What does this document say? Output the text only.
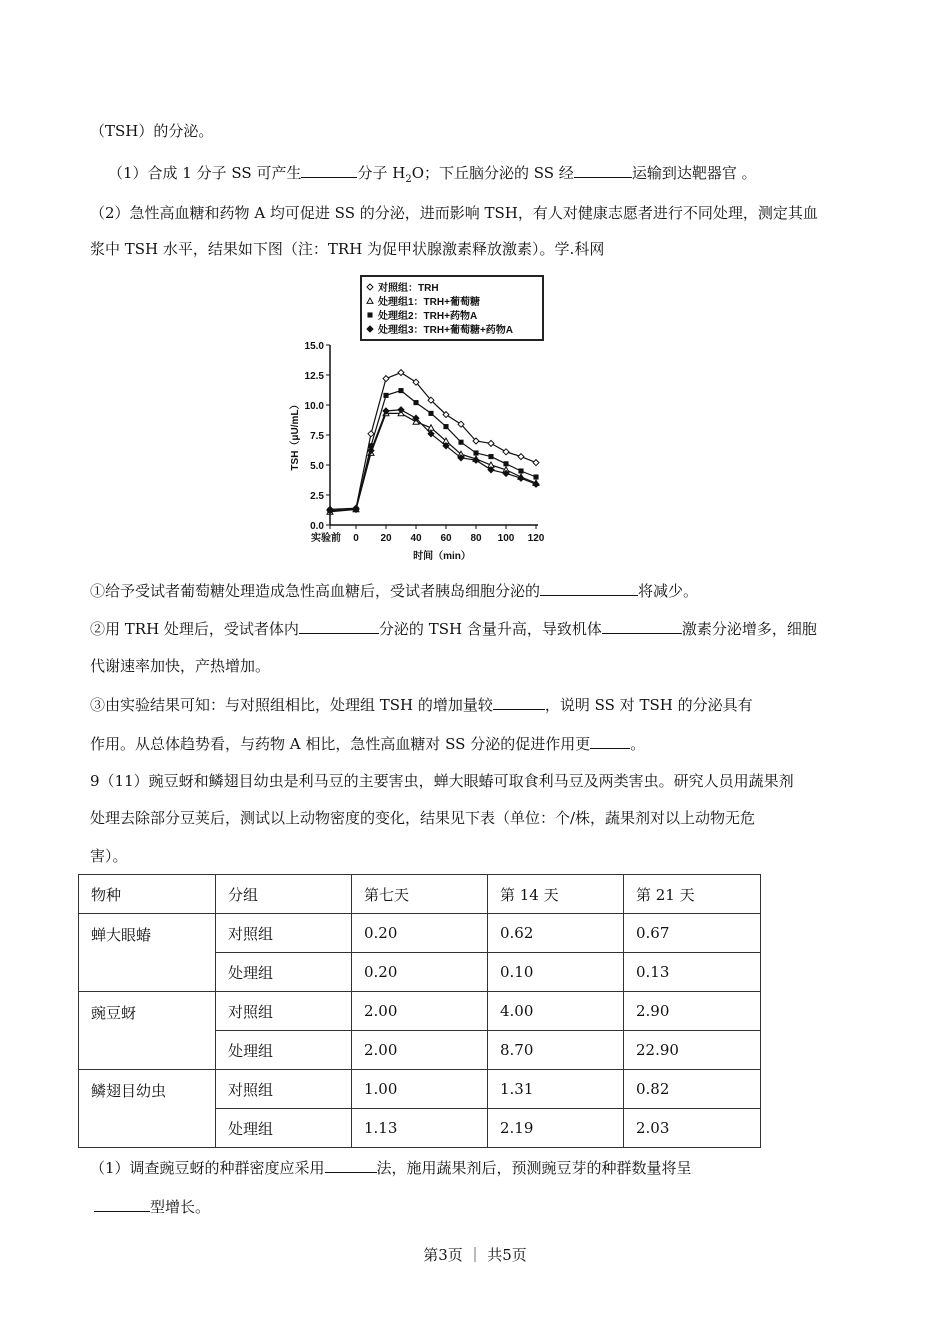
（TSH）的分泌。
（1）合成 1 分子 SS 可产生	分子 $H_2O$；下丘脑分泌的 SS 经	运输到达靶器官 。
（2）急性高血糖和药物 A 均可促进 SS 的分泌，进而影响 TSH，有人对健康志愿者进行不同处理，测定其血
浆中 TSH 水平，结果如下图（注：TRH 为促甲状腺激素释放激素）。学.科网
对照组：TRH
处理组1：TRH+葡萄糖
处理组2：TRH+药物A
处理组3：TRH+葡萄糖+药物A
0.0
2.5
5.0
7.5
10.0
12.5
15.0
实验前 0 20 40 60 80 100 120
时间（min）
TSH（μU/mL）
①给予受试者葡萄糖处理造成急性高血糖后，受试者胰岛细胞分泌的	将减少。
②用 TRH 处理后，受试者体内	分泌的 TSH 含量升高，导致机体	激素分泌增多，细胞
代谢速率加快，产热增加。
③由实验结果可知：与对照组相比，处理组 TSH 的增加量较	，说明 SS 对 TSH 的分泌具有
作用。从总体趋势看，与药物 A 相比，急性高血糖对 SS 分泌的促进作用更	。
9（11）豌豆蚜和鳞翅目幼虫是利马豆的主要害虫，蝉大眼蝽可取食利马豆及两类害虫。研究人员用蔬果剂
处理去除部分豆荚后，测试以上动物密度的变化，结果见下表（单位：个/株，蔬果剂对以上动物无危
害）。
物种	分组	第七天	第 14 天	第 21 天
蝉大眼蝽	对照组	0.20	0.62	0.67
	处理组	0.20	0.10	0.13
豌豆蚜	对照组	2.00	4.00	2.90
	处理组	2.00	8.70	22.90
鳞翅目幼虫	对照组	1.00	1.31	0.82
	处理组	1.13	2.19	2.03
（1）调查豌豆蚜的种群密度应采用	法，施用蔬果剂后，预测豌豆芽的种群数量将呈
型增长。
第3页 ｜ 共5页
